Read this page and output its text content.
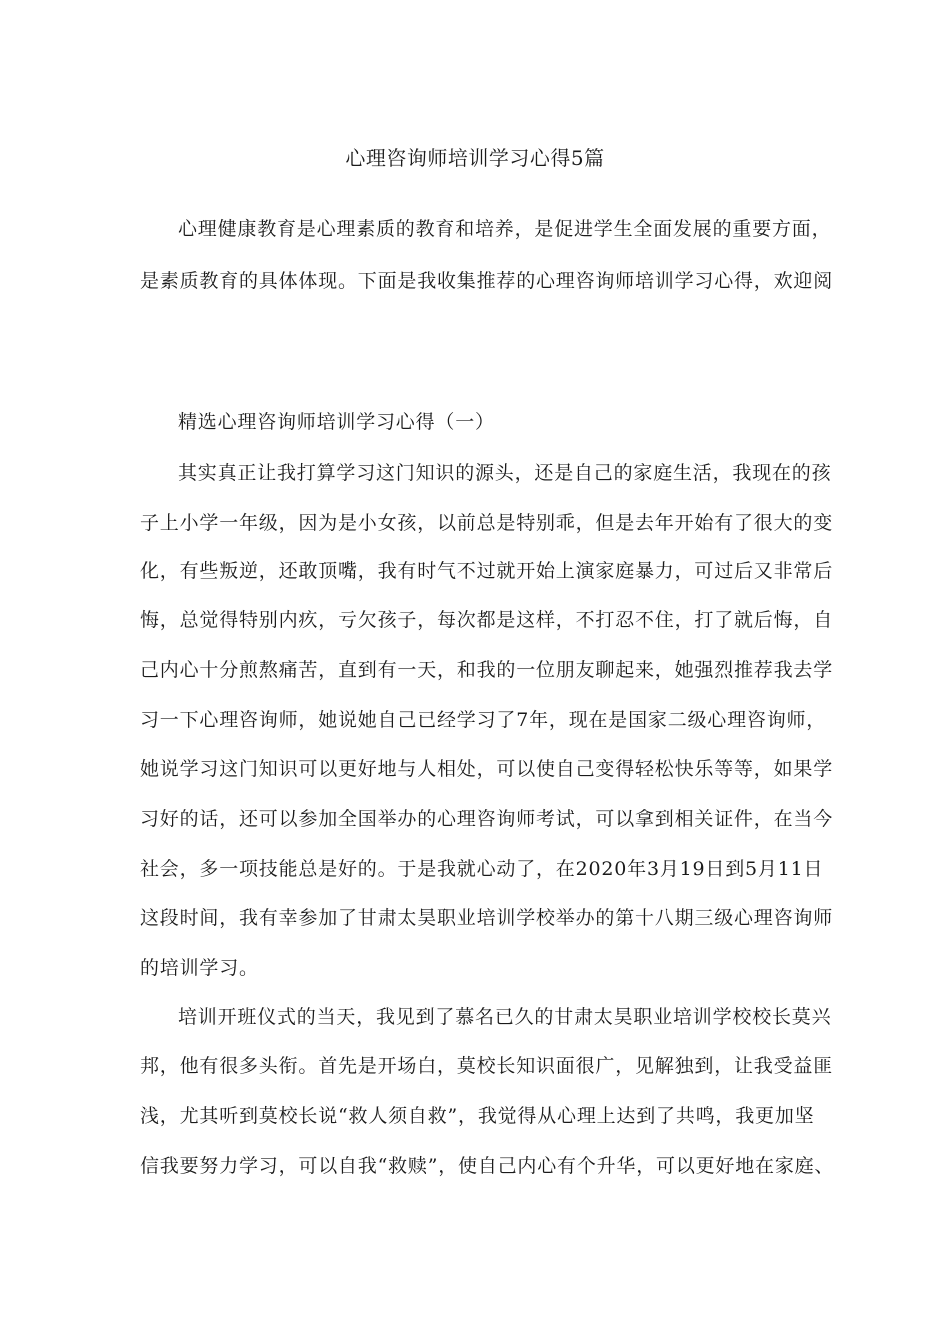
心理咨询师培训学习心得5篇
心理健康教育是心理素质的教育和培养，是促进学生全面发展的重要方面，
是素质教育的具体体现。下面是我收集推荐的心理咨询师培训学习心得，欢迎阅
精选心理咨询师培训学习心得（一）
其实真正让我打算学习这门知识的源头，还是自己的家庭生活，我现在的孩
子上小学一年级，因为是小女孩，以前总是特别乖，但是去年开始有了很大的变
化，有些叛逆，还敢顶嘴，我有时气不过就开始上演家庭暴力，可过后又非常后
悔，总觉得特别内疚，亏欠孩子，每次都是这样，不打忍不住，打了就后悔，自
己内心十分煎熬痛苦，直到有一天，和我的一位朋友聊起来，她强烈推荐我去学
习一下心理咨询师，她说她自己已经学习了7年，现在是国家二级心理咨询师，
她说学习这门知识可以更好地与人相处，可以使自己变得轻松快乐等等，如果学
习好的话，还可以参加全国举办的心理咨询师考试，可以拿到相关证件，在当今
社会，多一项技能总是好的。于是我就心动了，在2020年3月19日到5月11日
这段时间，我有幸参加了甘肃太昊职业培训学校举办的第十八期三级心理咨询师
的培训学习。
培训开班仪式的当天，我见到了慕名已久的甘肃太昊职业培训学校校长莫兴
邦，他有很多头衔。首先是开场白，莫校长知识面很广，见解独到，让我受益匪
浅，尤其听到莫校长说“救人须自救”，我觉得从心理上达到了共鸣，我更加坚
信我要努力学习，可以自我“救赎”，使自己内心有个升华，可以更好地在家庭、
